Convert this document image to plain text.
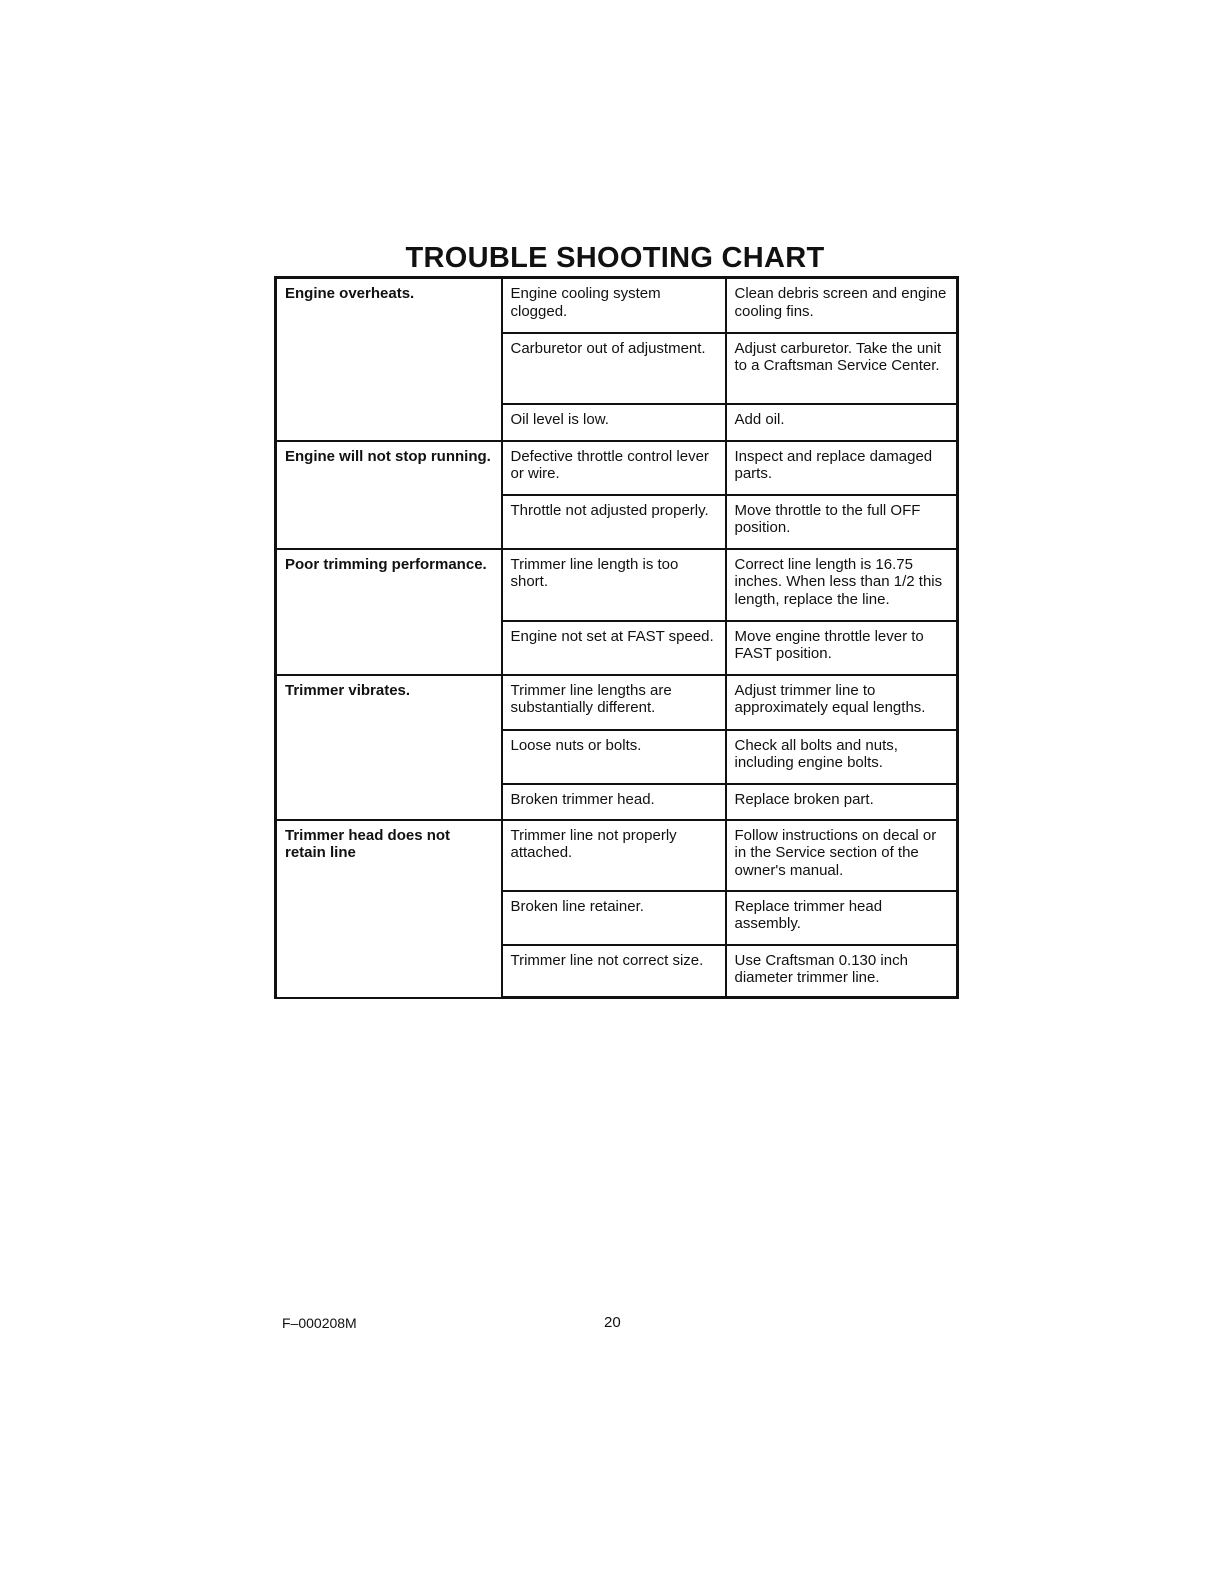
TROUBLE SHOOTING CHART
Engine overheats.	Engine cooling system clogged.	Clean debris screen and engine cooling fins.
	Carburetor out of adjustment.	Adjust carburetor. Take the unit to a Craftsman Service Center.
	Oil level is low.	Add oil.
Engine will not stop running.	Defective throttle control lever or wire.	Inspect and replace damaged parts.
	Throttle not adjusted properly.	Move throttle to the full OFF position.
Poor trimming performance.	Trimmer line length is too short.	Correct line length is 16.75 inches. When less than 1/2 this length, replace the line.
	Engine not set at FAST speed.	Move engine throttle lever to FAST position.
Trimmer vibrates.	Trimmer line lengths are substantially different.	Adjust trimmer line to approximately equal lengths.
	Loose nuts or bolts.	Check all bolts and nuts, including engine bolts.
	Broken trimmer head.	Replace broken part.
Trimmer head does not retain line	Trimmer line not properly attached.	Follow instructions on decal or in the Service section of the owner's manual.
	Broken line retainer.	Replace trimmer head assembly.
	Trimmer line not correct size.	Use Craftsman 0.130 inch diameter trimmer line.
F–000208M	20
